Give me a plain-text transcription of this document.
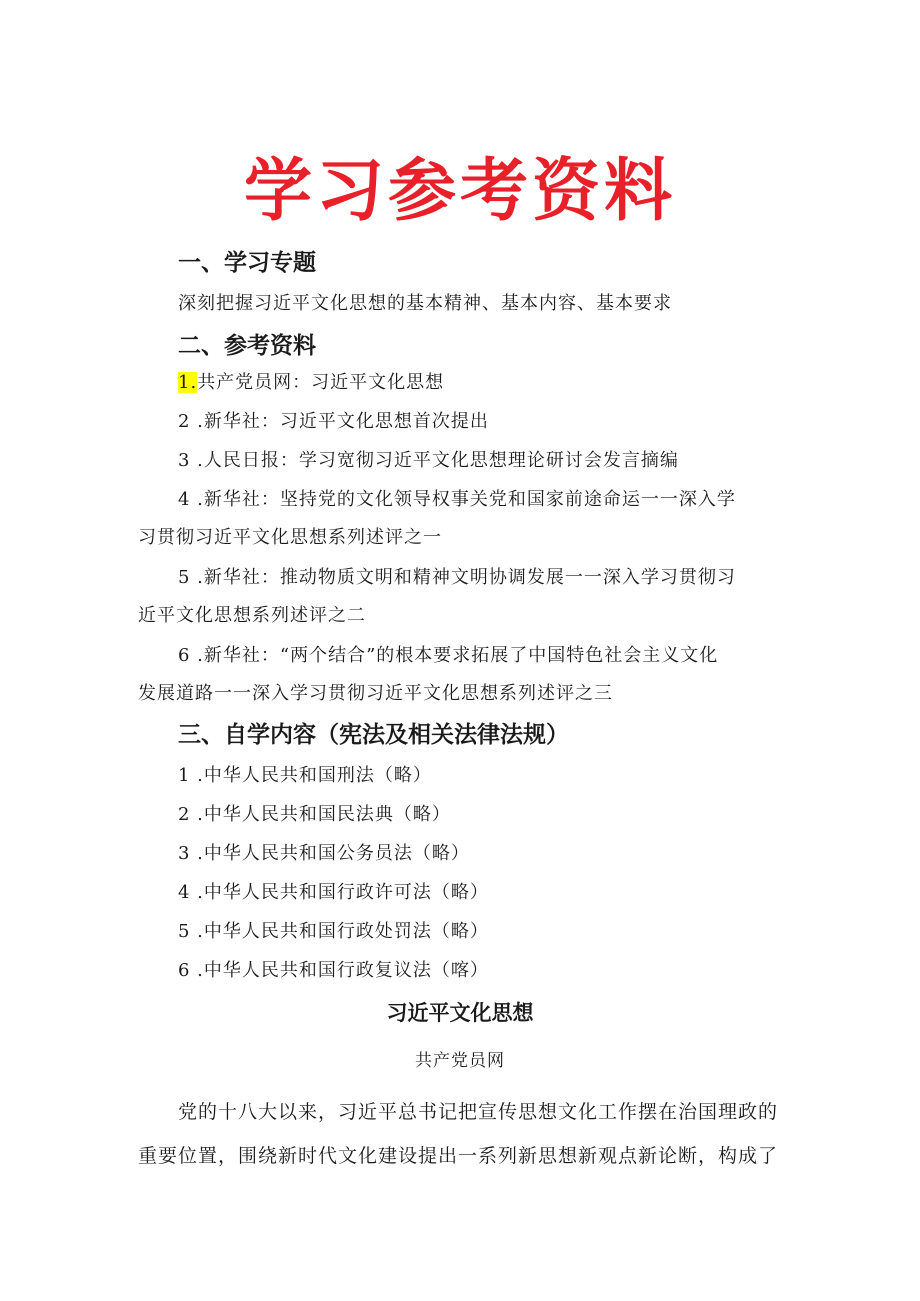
学习参考资料
一、学习专题

深刻把握习近平文化思想的基本精神、基本内容、基本要求

二、参考资料
1.共产党员网：习近平文化思想
2 .新华社：习近平文化思想首次提出
3 .人民日报：学习宽彻习近平文化思想理论研讨会发言摘编
4 .新华社：坚持党的文化领导权事关党和国家前途命运一一深入学

习贯彻习近平文化思想系列述评之一

5 .新华社：推动物质文明和精神文明协调发展一一深入学习贯彻习

近平文化思想系列述评之二

6 .新华社：“两个结合”的根本要求拓展了中国特色社会主义文化

发展道路一一深入学习贯彻习近平文化思想系列述评之三

三、自学内容（宪法及相关法律法规）
1 .中华人民共和国刑法（略）
2 .中华人民共和国民法典（略）
3 .中华人民共和国公务员法（略）
4 .中华人民共和国行政许可法（略）
5 .中华人民共和国行政处罚法（略）
6 .中华人民共和国行政复议法（喀）
习近平文化思想

共产党员网

党的十八大以来，习近平总书记把宣传思想文化工作摆在治国理政的

重要位置，围绕新时代文化建设提出一系列新思想新观点新论断，构成了
